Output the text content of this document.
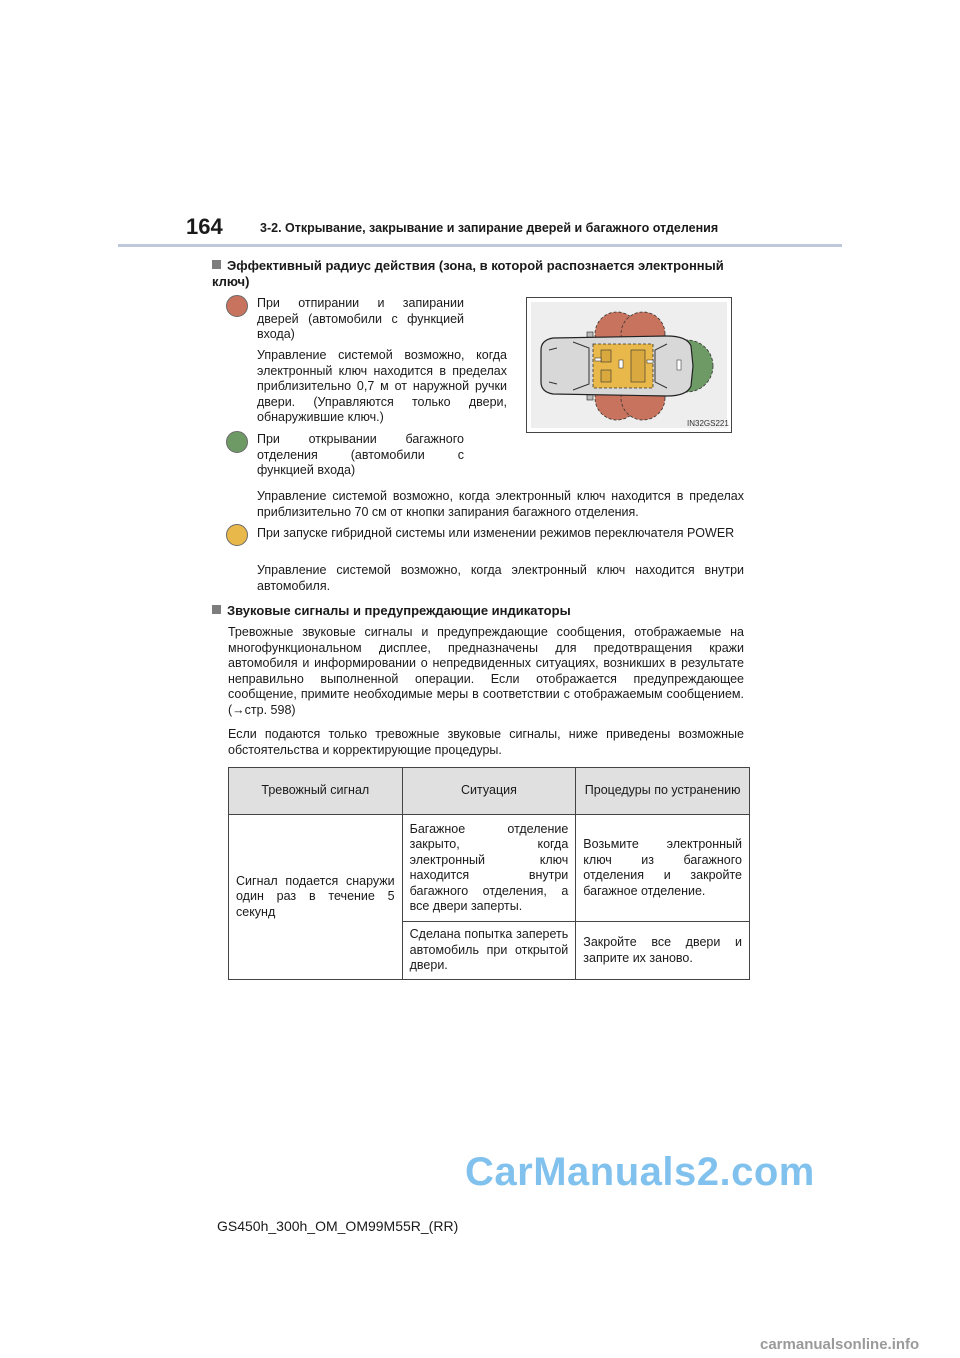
164	3-2. Открывание, закрывание и запирание дверей и багажного отделения
Эффективный радиус действия (зона, в которой распознается электронный ключ)
При отпирании и запирании дверей (автомобили с функцией входа)
Управление системой возможно, когда электронный ключ находится в пределах приблизительно 0,7 м от наружной ручки двери. (Управляются только двери, обнаружившие ключ.)
При открывании багажного отделения (автомобили с функцией входа)
Управление системой возможно, когда электронный ключ находится в пределах приблизительно 70 см от кнопки запирания багажного отделения.
При запуске гибридной системы или изменении режимов переключателя POWER
Управление системой возможно, когда электронный ключ находится внутри автомобиля.
IN32GS221
Звуковые сигналы и предупреждающие индикаторы
Тревожные звуковые сигналы и предупреждающие сообщения, отображаемые на многофункциональном дисплее, предназначены для предотвращения кражи автомобиля и информировании о непредвиденных ситуациях, возникших в результате неправильно выполненной операции. Если отображается предупреждающее сообщение, примите необходимые меры в соответствии с отображаемым сообщением. (→стр. 598)
Если подаются только тревожные звуковые сигналы, ниже приведены возможные обстоятельства и корректирующие процедуры.
Тревожный сигнал	Ситуация	Процедуры по устранению
Сигнал подается снаружи один раз в течение 5 секунд	Багажное отделение закрыто, когда электронный ключ находится внутри багажного отделения, а все двери заперты.	Возьмите электронный ключ из багажного отделения и закройте багажное отделение.
	Сделана попытка запереть автомобиль при открытой двери.	Закройте все двери и заприте их заново.
CarManuals2.com
GS450h_300h_OM_OM99M55R_(RR)
carmanualsonline.info
